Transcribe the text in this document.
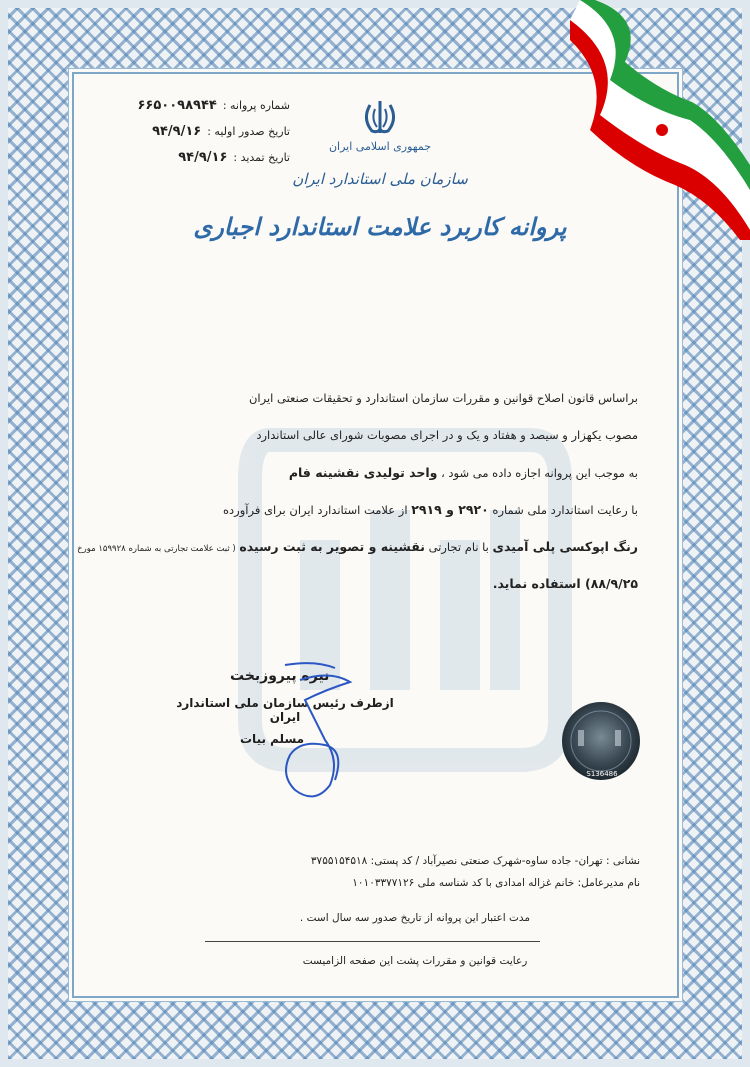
جمهوری اسلامی ایران
سازمان ملی استاندارد ایران
پروانه کاربرد علامت استاندارد اجباری
شماره پروانه :
۶۶۵۰۰۹۸۹۴۴
تاریخ صدور اولیه :
۹۴/۹/۱۶
تاریخ تمدید :
۹۴/۹/۱۶
براساس قانون اصلاح قوانین و مقررات سازمان استاندارد و تحقیقات صنعتی ایران
مصوب یکهزار و سیصد و هفتاد و یک و در اجرای مصوبات شورای عالی استاندارد
به موجب این پروانه اجازه داده می شود ، واحد تولیدی نقشینه فام
با رعایت استاندارد ملی شماره ۲۹۲۰ و ۲۹۱۹ از علامت استاندارد ایران برای فرآورده
رنگ اپوکسی پلی آمیدی با نام تجارتی نقشینه و تصویر به ثبت رسیده ( ثبت علامت تجارتی به شماره ۱۵۹۹۲۸ مورخ
۸۸/۹/۲۵) استفاده نماید.
نیره پیروزبخت
ازطرف رئیس سازمان ملی استاندارد ایران
مسلم بیات
S136486
نشانی : تهران- جاده ساوه-شهرک صنعتی نصیرآباد / کد پستی: ۳۷۵۵۱۵۴۵۱۸
نام مدیرعامل: خانم غزاله امدادی با کد شناسه ملی ۱۰۱۰۳۳۷۷۱۲۶
مدت اعتبار این پروانه از تاریخ صدور سه سال است .
رعایت قوانین و مقررات پشت این صفحه الزامیست
